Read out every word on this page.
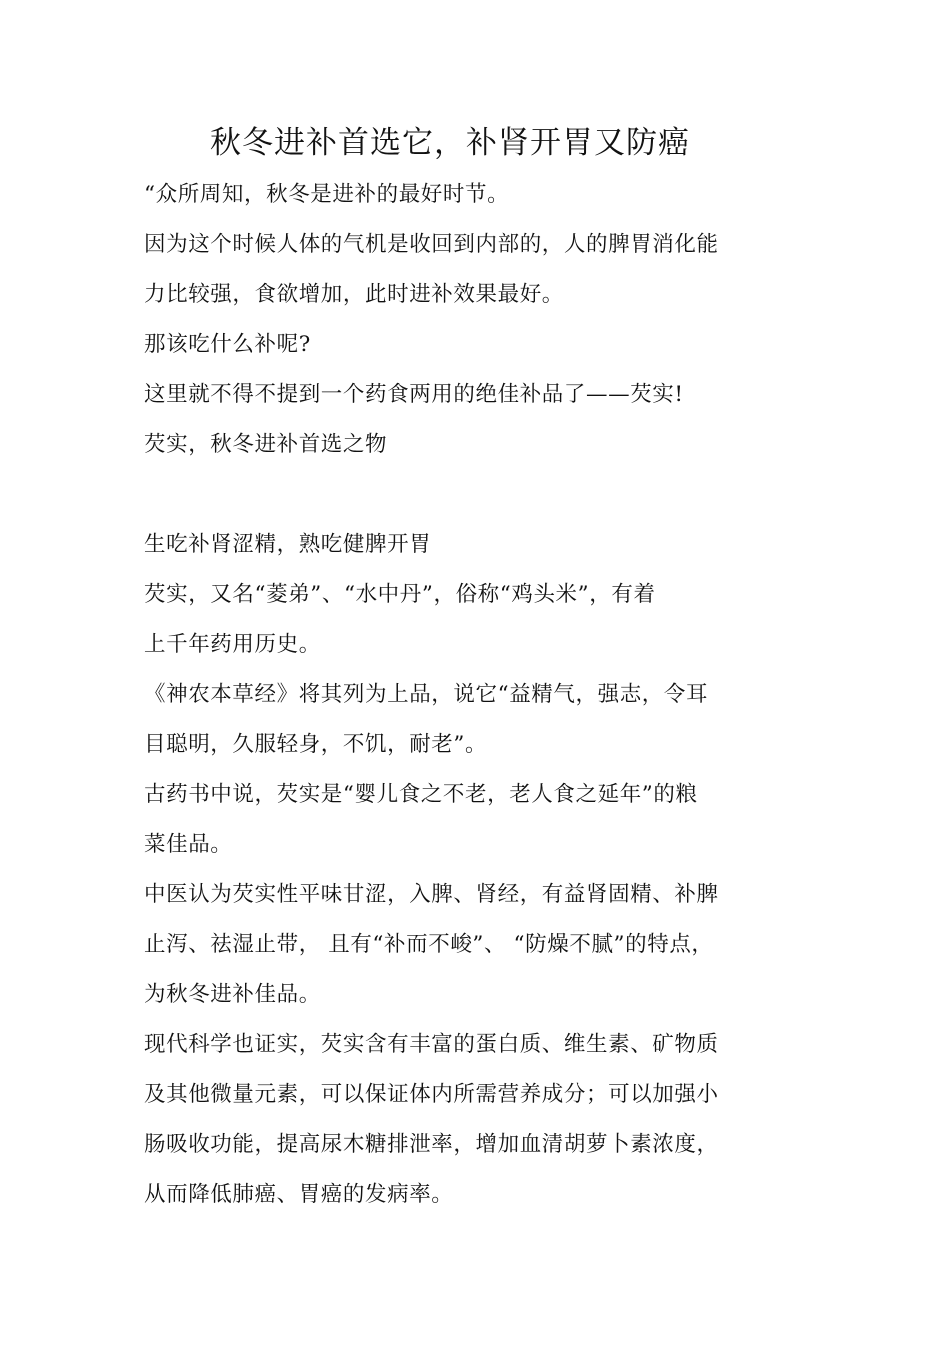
秋冬进补首选它，补肾开胃又防癌
“众所周知，秋冬是进补的最好时节。
因为这个时候人体的气机是收回到内部的，人的脾胃消化能
力比较强，食欲增加，此时进补效果最好。
那该吃什么补呢?
这里就不得不提到一个药食两用的绝佳补品了——芡实!
芡实，秋冬进补首选之物
生吃补肾涩精，熟吃健脾开胃
芡实，又名“菱弟”、“水中丹”，俗称“鸡头米”，有着
上千年药用历史。
《神农本草经》将其列为上品，说它“益精气，强志，令耳
目聪明，久服轻身，不饥，耐老”。
古药书中说，芡实是“婴儿食之不老，老人食之延年”的粮
菜佳品。
中医认为芡实性平味甘涩，入脾、肾经，有益肾固精、补脾
止泻、祛湿止带， 且有“补而不峻”、 “防燥不腻”的特点，
为秋冬进补佳品。
现代科学也证实，芡实含有丰富的蛋白质、维生素、矿物质
及其他微量元素，可以保证体内所需营养成分；可以加强小
肠吸收功能，提高尿木糖排泄率，增加血清胡萝卜素浓度，
从而降低肺癌、胃癌的发病率。
